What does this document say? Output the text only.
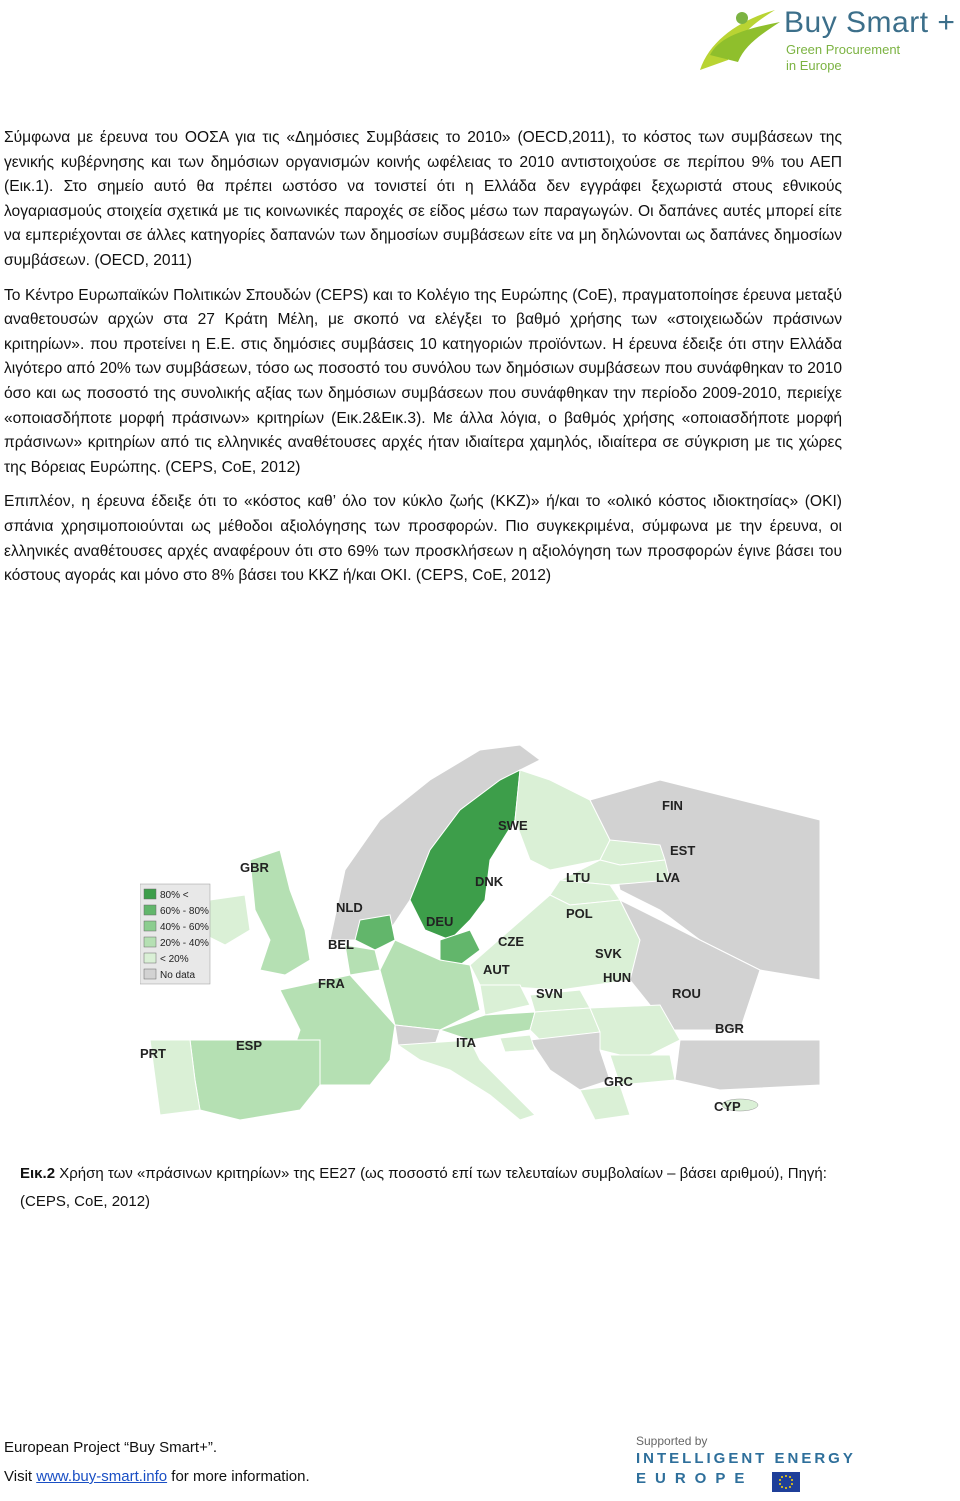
Buy Smart +
Green Procurement
in Europe

Σύμφωνα με έρευνα του ΟΟΣΑ για τις «Δημόσιες Συμβάσεις το 2010» (OECD,2011), το κόστος των συμβάσεων της γενικής κυβέρνησης και των δημόσιων οργανισμών κοινής ωφέλειας το 2010 αντιστοιχούσε σε περίπου 9% του ΑΕΠ (Εικ.1). Στο σημείο αυτό θα πρέπει ωστόσο να τονιστεί ότι η Ελλάδα δεν εγγράφει ξεχωριστά στους εθνικούς λογαριασμούς στοιχεία σχετικά με τις κοινωνικές παροχές σε είδος μέσω των παραγωγών. Οι δαπάνες αυτές μπορεί είτε να εμπεριέχονται σε άλλες κατηγορίες δαπανών των δημοσίων συμβάσεων είτε να μη δηλώνονται ως δαπάνες δημοσίων συμβάσεων. (OECD, 2011)

Το Κέντρο Ευρωπαϊκών Πολιτικών Σπουδών (CEPS) και το Κολέγιο της Ευρώπης (CoE), πραγματοποίησε έρευνα μεταξύ αναθετουσών αρχών στα 27 Κράτη Μέλη, με σκοπό να ελέγξει το βαθμό χρήσης των «στοιχειωδών πράσινων κριτηρίων». που προτείνει η Ε.Ε. στις δημόσιες συμβάσεις 10 κατηγοριών προϊόντων. Η έρευνα έδειξε ότι στην Ελλάδα λιγότερο από 20% των συμβάσεων, τόσο ως ποσοστό του συνόλου των δημόσιων συμβάσεων που συνάφθηκαν το 2010 όσο και ως ποσοστό της συνολικής αξίας των δημόσιων συμβάσεων που συνάφθηκαν την περίοδο 2009-2010, περιείχε «οποιασδήποτε μορφή πράσινων» κριτηρίων (Εικ.2&Εικ.3). Με άλλα λόγια, ο βαθμός χρήσης «οποιασδήποτε μορφή πράσινων» κριτηρίων από τις ελληνικές αναθέτουσες αρχές ήταν ιδιαίτερα χαμηλός, ιδιαίτερα σε σύγκριση με τις χώρες της Βόρειας Ευρώπης. (CEPS, CoE, 2012)

Επιπλέον, η έρευνα έδειξε ότι το «κόστος καθ’ όλο τον κύκλο ζωής (ΚΚΖ)» ή/και το «ολικό κόστος ιδιοκτησίας» (ΟΚΙ) σπάνια χρησιμοποιούνται ως μέθοδοι αξιολόγησης των προσφορών. Πιο συγκεκριμένα, σύμφωνα με την έρευνα, οι ελληνικές αναθέτουσες αρχές αναφέρουν ότι στο 69% των προσκλήσεων η αξιολόγηση των προσφορών έγινε βάσει του κόστους αγοράς και μόνο στο 8% βάσει του ΚΚΖ ή/και ΟΚΙ. (CEPS, CoE, 2012)

FIN
SWE
EST
GBR
DNK	LTU	LVA
NLD
DEU
POL
BEL	CZE
SVK
AUT
HUN
FRA
SVN	ROU
BGR
PRT
ESP	ITA
GRC
CYP
80% <
60% - 80%
40% - 60%
20% - 40%
< 20%
No data
Εικ.2 Χρήση των «πράσινων κριτηρίων» της ΕΕ27 (ως ποσοστό επί των τελευταίων συμβολαίων – βάσει αριθμού), Πηγή: (CEPS, CoE, 2012)
European Project “Buy Smart+”.
Visit www.buy-smart.info for more information.
Supported by
INTELLIGENT ENERGY
EUROPE
